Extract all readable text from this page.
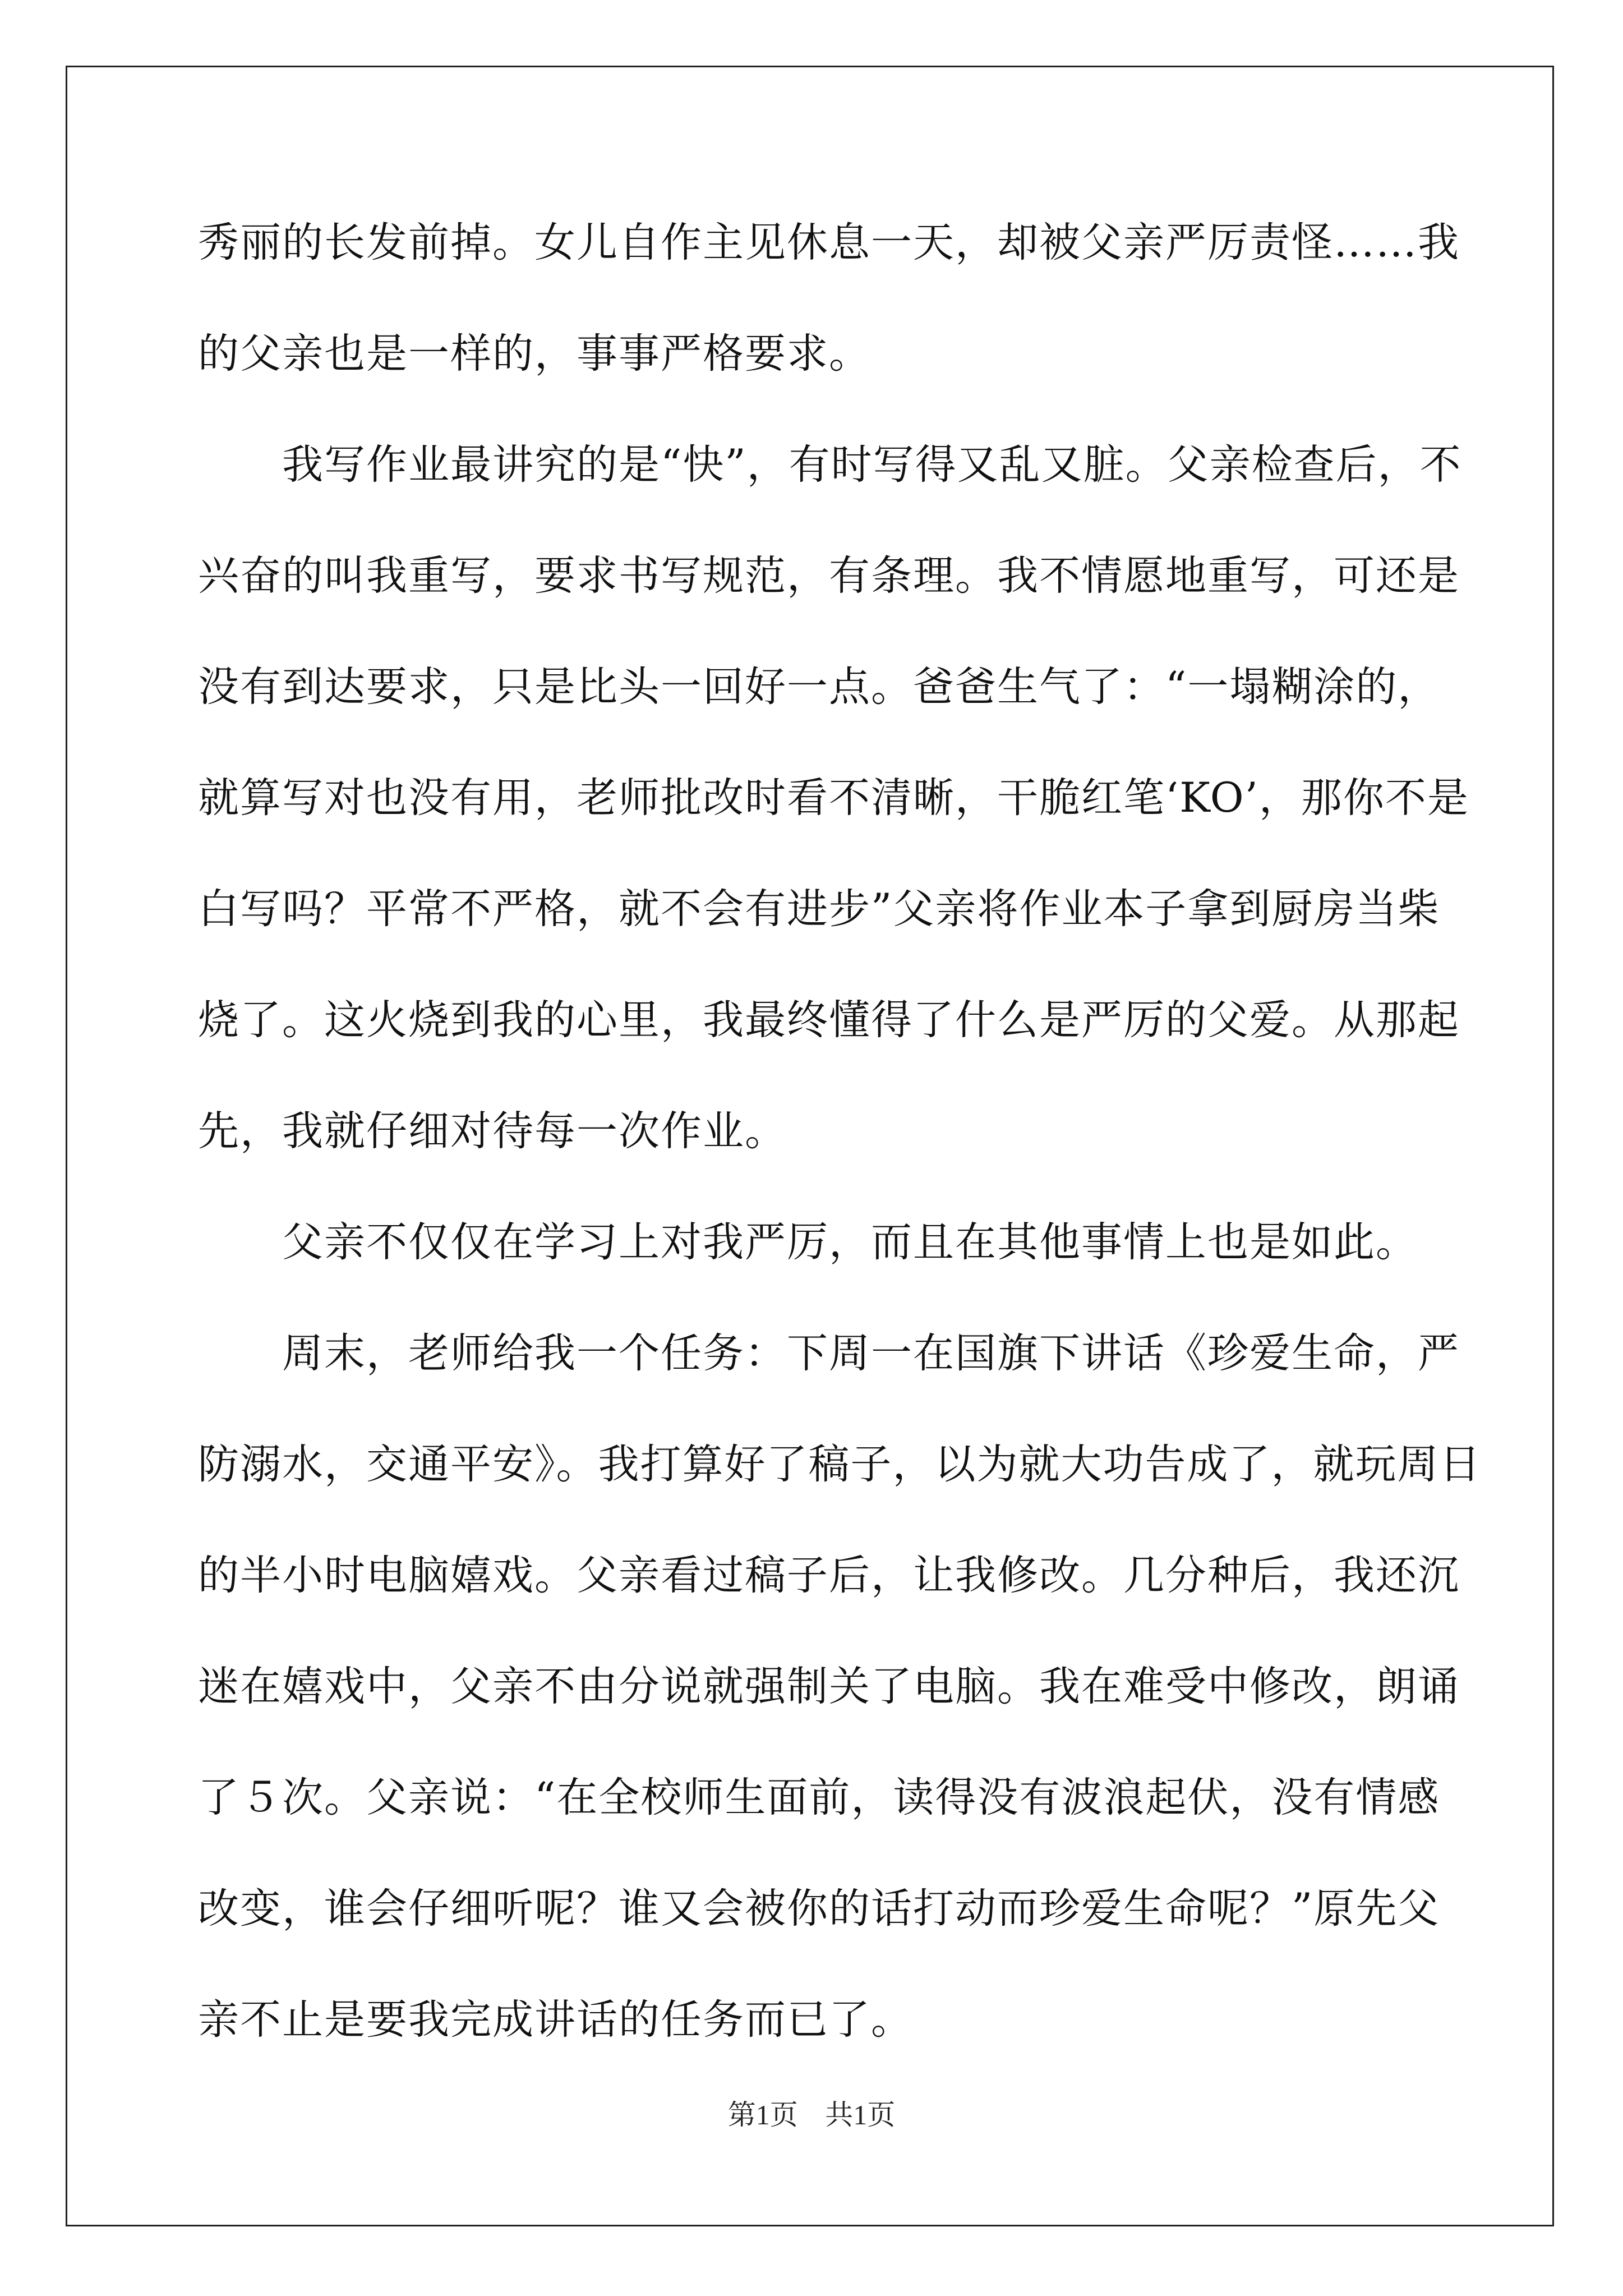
秀丽的长发前掉。女儿自作主见休息一天，却被父亲严厉责怪……我
的父亲也是一样的，事事严格要求。
我写作业最讲究的是“快”，有时写得又乱又脏。父亲检查后，不
兴奋的叫我重写，要求书写规范，有条理。我不情愿地重写，可还是
没有到达要求，只是比头一回好一点。爸爸生气了：“一塌糊涂的，
就算写对也没有用，老师批改时看不清晰，干脆红笔‘KO’，那你不是
白写吗？平常不严格，就不会有进步”父亲将作业本子拿到厨房当柴
烧了。这火烧到我的心里，我最终懂得了什么是严厉的父爱。从那起
先，我就仔细对待每一次作业。
父亲不仅仅在学习上对我严厉，而且在其他事情上也是如此。
周末，老师给我一个任务：下周一在国旗下讲话《珍爱生命，严
防溺水，交通平安》。我打算好了稿子，以为就大功告成了，就玩周日
的半小时电脑嬉戏。父亲看过稿子后，让我修改。几分种后，我还沉
迷在嬉戏中，父亲不由分说就强制关了电脑。我在难受中修改，朗诵
了５次。父亲说：“在全校师生面前，读得没有波浪起伏，没有情感
改变，谁会仔细听呢？谁又会被你的话打动而珍爱生命呢？”原先父
亲不止是要我完成讲话的任务而已了。
第1页 共1页
